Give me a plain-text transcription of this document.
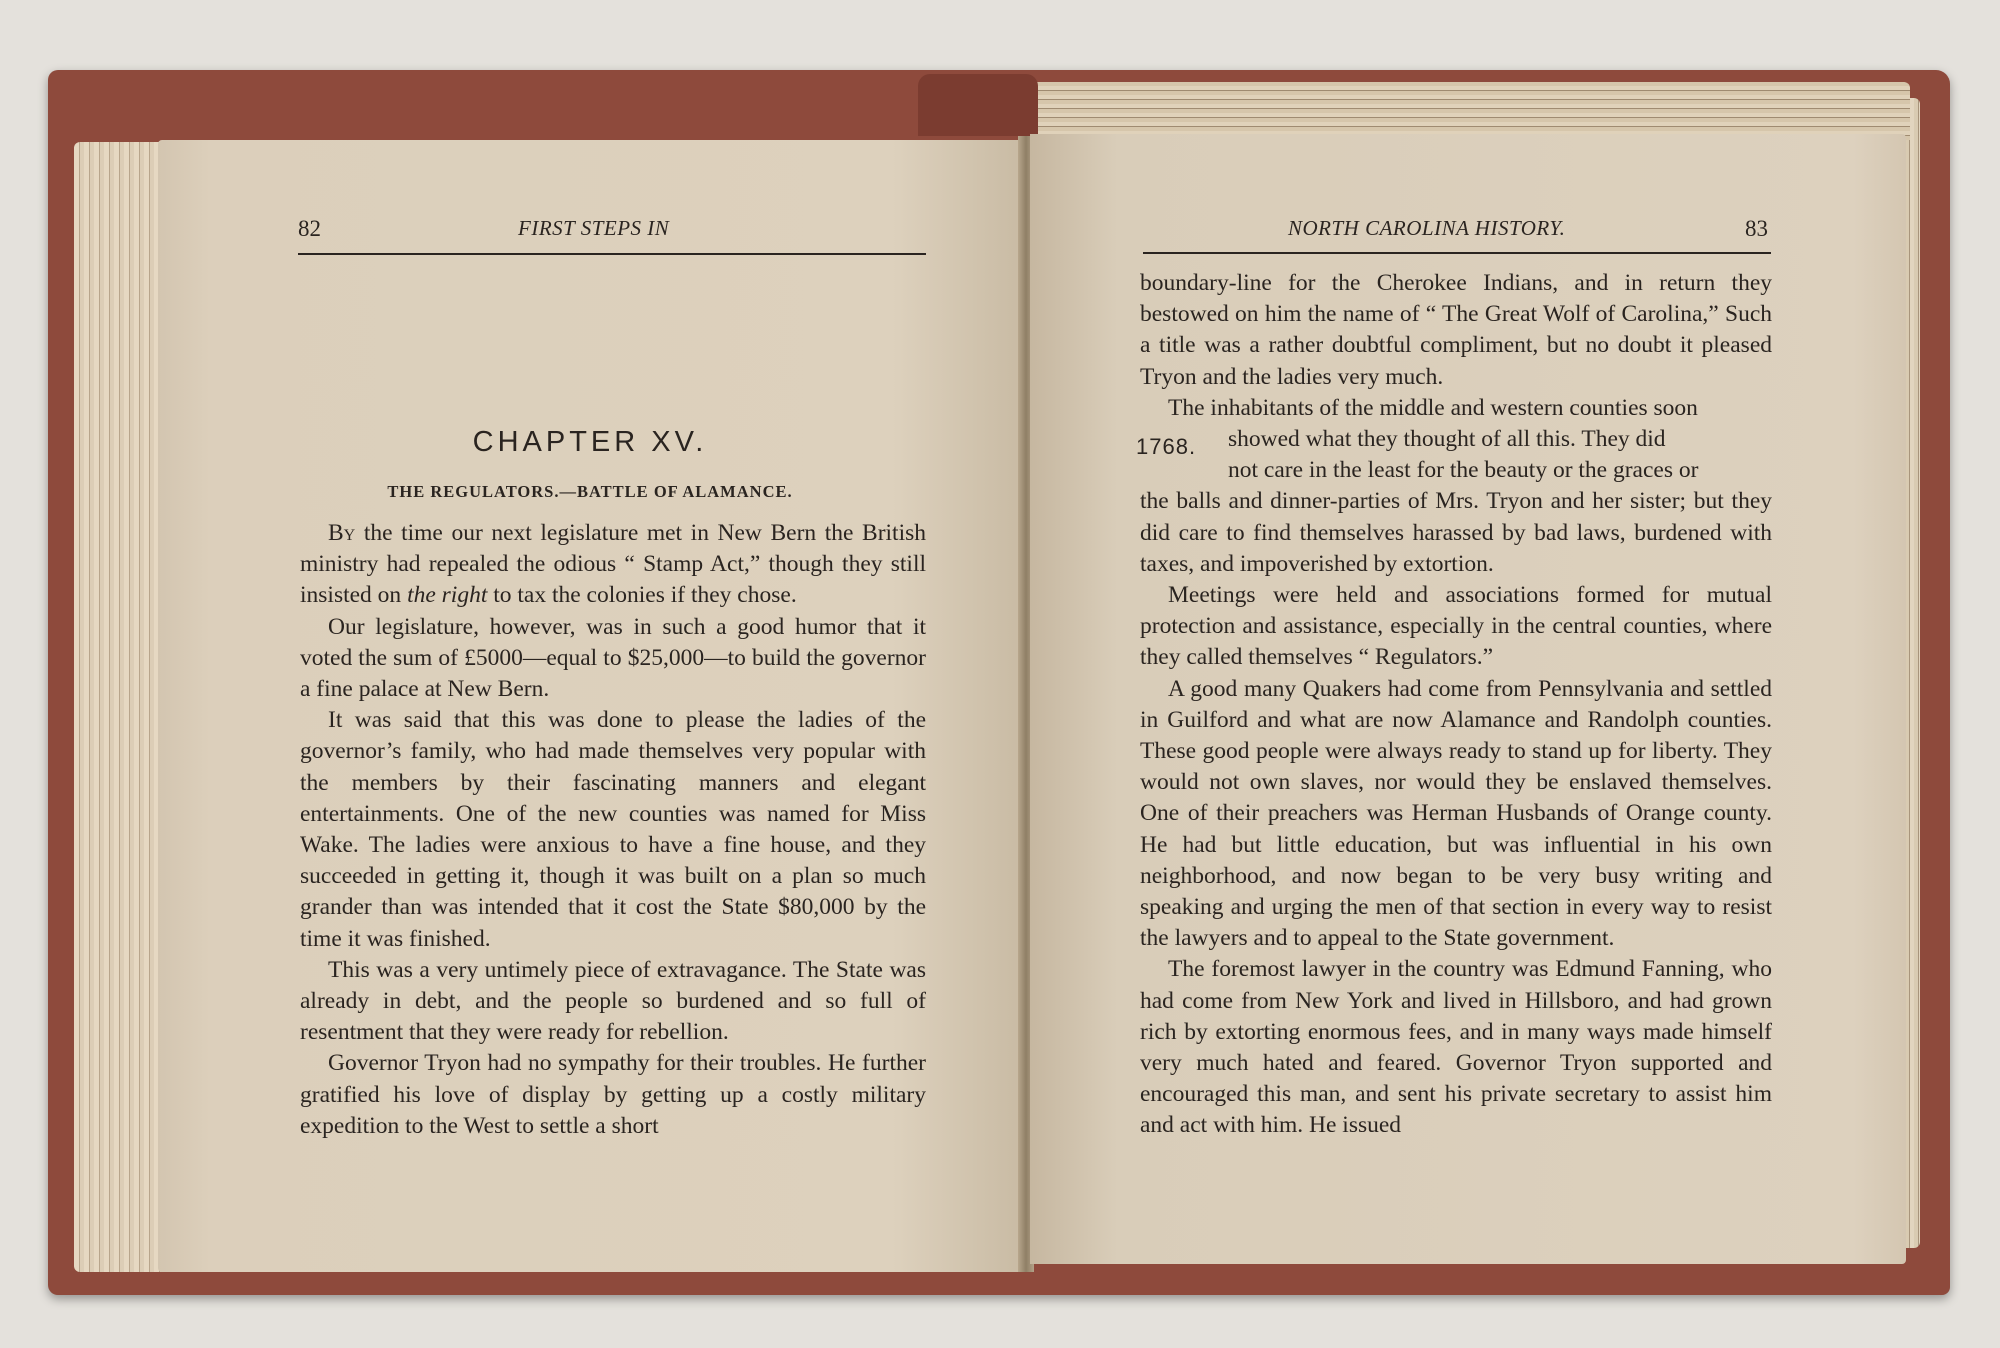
82	FIRST STEPS IN
CHAPTER XV.
THE REGULATORS.—BATTLE OF ALAMANCE.

By the time our next legislature met in New Bern the British ministry had repealed the odious “ Stamp Act,” though they still insisted on the right to tax the colonies if they chose.

Our legislature, however, was in such a good humor that it voted the sum of £5000—equal to $25,000—to build the governor a fine palace at New Bern.

It was said that this was done to please the ladies of the governor’s family, who had made themselves very popular with the members by their fascinating manners and elegant entertainments. One of the new counties was named for Miss Wake. The ladies were anxious to have a fine house, and they succeeded in getting it, though it was built on a plan so much grander than was intended that it cost the State $80,000 by the time it was finished.

This was a very untimely piece of extravagance. The State was already in debt, and the people so burdened and so full of resentment that they were ready for rebellion.

Governor Tryon had no sympathy for their troubles. He further gratified his love of display by getting up a costly military expedition to the West to settle a short

NORTH CAROLINA HISTORY.	83

boundary-line for the Cherokee Indians, and in return they bestowed on him the name of “ The Great Wolf of Carolina,” Such a title was a rather doubtful compliment, but no doubt it pleased Tryon and the ladies very much.

The inhabitants of the middle and western counties soon

showed what they thought of all this. They did
not care in the least for the beauty or the graces or

the balls and dinner-parties of Mrs. Tryon and her sister; but they did care to find themselves harassed by bad laws, burdened with taxes, and impoverished by extortion.

Meetings were held and associations formed for mutual protection and assistance, especially in the central counties, where they called themselves “ Regulators.”

A good many Quakers had come from Pennsylvania and settled in Guilford and what are now Alamance and Randolph counties. These good people were always ready to stand up for liberty. They would not own slaves, nor would they be enslaved themselves. One of their preachers was Herman Husbands of Orange county. He had but little education, but was influential in his own neighborhood, and now began to be very busy writing and speaking and urging the men of that section in every way to resist the lawyers and to appeal to the State government.

The foremost lawyer in the country was Edmund Fanning, who had come from New York and lived in Hillsboro, and had grown rich by extorting enormous fees, and in many ways made himself very much hated and feared. Governor Tryon supported and encouraged this man, and sent his private secretary to assist him and act with him. He issued

1768.
